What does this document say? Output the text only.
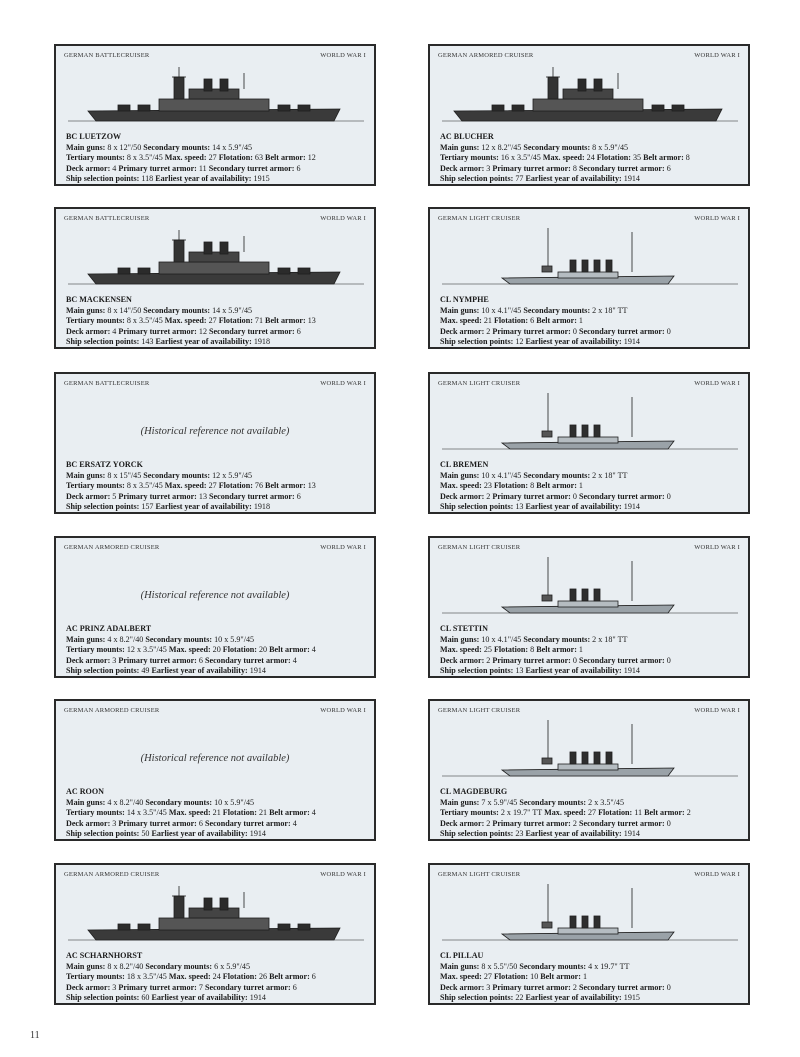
GERMAN BATTLECRUISER	WORLD WAR I
BC LUETZOW
Main guns: 8 x 12"/50 Secondary mounts: 14 x 5.9"/45
Tertiary mounts: 8 x 3.5"/45 Max. speed: 27 Flotation: 63 Belt armor: 12
Deck armor: 4 Primary turret armor: 11 Secondary turret armor: 6
Ship selection points: 118 Earliest year of availability: 1915
GERMAN ARMORED CRUISER	WORLD WAR I
AC BLUCHER
Main guns: 12 x 8.2"/45 Secondary mounts: 8 x 5.9"/45
Tertiary mounts: 16 x 3.5"/45 Max. speed: 24 Flotation: 35 Belt armor: 8
Deck armor: 3 Primary turret armor: 8 Secondary turret armor: 6
Ship selection points: 77 Earliest year of availability: 1914
GERMAN BATTLECRUISER	WORLD WAR I
BC MACKENSEN
Main guns: 8 x 14"/50 Secondary mounts: 14 x 5.9"/45
Tertiary mounts: 8 x 3.5"/45 Max. speed: 27 Flotation: 71 Belt armor: 13
Deck armor: 4 Primary turret armor: 12 Secondary turret armor: 6
Ship selection points: 143 Earliest year of availability: 1918
GERMAN LIGHT CRUISER	WORLD WAR I
CL NYMPHE
Main guns: 10 x 4.1"/45 Secondary mounts: 2 x 18" TT
Max. speed: 21 Flotation: 6 Belt armor: 1
Deck armor: 2 Primary turret armor: 0 Secondary turret armor: 0
Ship selection points: 12 Earliest year of availability: 1914
GERMAN BATTLECRUISER	WORLD WAR I
(Historical reference not available)
BC ERSATZ YORCK
Main guns: 8 x 15"/45 Secondary mounts: 12 x 5.9"/45
Tertiary mounts: 8 x 3.5"/45 Max. speed: 27 Flotation: 76 Belt armor: 13
Deck armor: 5 Primary turret armor: 13 Secondary turret armor: 6
Ship selection points: 157 Earliest year of availability: 1918
GERMAN LIGHT CRUISER	WORLD WAR I
CL BREMEN
Main guns: 10 x 4.1"/45 Secondary mounts: 2 x 18" TT
Max. speed: 23 Flotation: 8 Belt armor: 1
Deck armor: 2 Primary turret armor: 0 Secondary turret armor: 0
Ship selection points: 13 Earliest year of availability: 1914
GERMAN ARMORED CRUISER	WORLD WAR I
(Historical reference not available)
AC PRINZ ADALBERT
Main guns: 4 x 8.2"/40 Secondary mounts: 10 x 5.9"/45
Tertiary mounts: 12 x 3.5"/45 Max. speed: 20 Flotation: 20 Belt armor: 4
Deck armor: 3 Primary turret armor: 6 Secondary turret armor: 4
Ship selection points: 49 Earliest year of availability: 1914
GERMAN LIGHT CRUISER	WORLD WAR I
CL STETTIN
Main guns: 10 x 4.1"/45 Secondary mounts: 2 x 18" TT
Max. speed: 25 Flotation: 8 Belt armor: 1
Deck armor: 2 Primary turret armor: 0 Secondary turret armor: 0
Ship selection points: 13 Earliest year of availability: 1914
GERMAN ARMORED CRUISER	WORLD WAR I
(Historical reference not available)
AC ROON
Main guns: 4 x 8.2"/40 Secondary mounts: 10 x 5.9"/45
Tertiary mounts: 14 x 3.5"/45 Max. speed: 21 Flotation: 21 Belt armor: 4
Deck armor: 3 Primary turret armor: 6 Secondary turret armor: 4
Ship selection points: 50 Earliest year of availability: 1914
GERMAN LIGHT CRUISER	WORLD WAR I
CL MAGDEBURG
Main guns: 7 x 5.9"/45 Secondary mounts: 2 x 3.5"/45
Tertiary mounts: 2 x 19.7" TT Max. speed: 27 Flotation: 11 Belt armor: 2
Deck armor: 2 Primary turret armor: 2 Secondary turret armor: 0
Ship selection points: 23 Earliest year of availability: 1914
GERMAN ARMORED CRUISER	WORLD WAR I
AC SCHARNHORST
Main guns: 8 x 8.2"/40 Secondary mounts: 6 x 5.9"/45
Tertiary mounts: 18 x 3.5"/45 Max. speed: 24 Flotation: 26 Belt armor: 6
Deck armor: 3 Primary turret armor: 7 Secondary turret armor: 6
Ship selection points: 60 Earliest year of availability: 1914
GERMAN LIGHT CRUISER	WORLD WAR I
CL PILLAU
Main guns: 8 x 5.5"/50 Secondary mounts: 4 x 19.7" TT
Max. speed: 27 Flotation: 10 Belt armor: 1
Deck armor: 3 Primary turret armor: 2 Secondary turret armor: 0
Ship selection points: 22 Earliest year of availability: 1915
11
